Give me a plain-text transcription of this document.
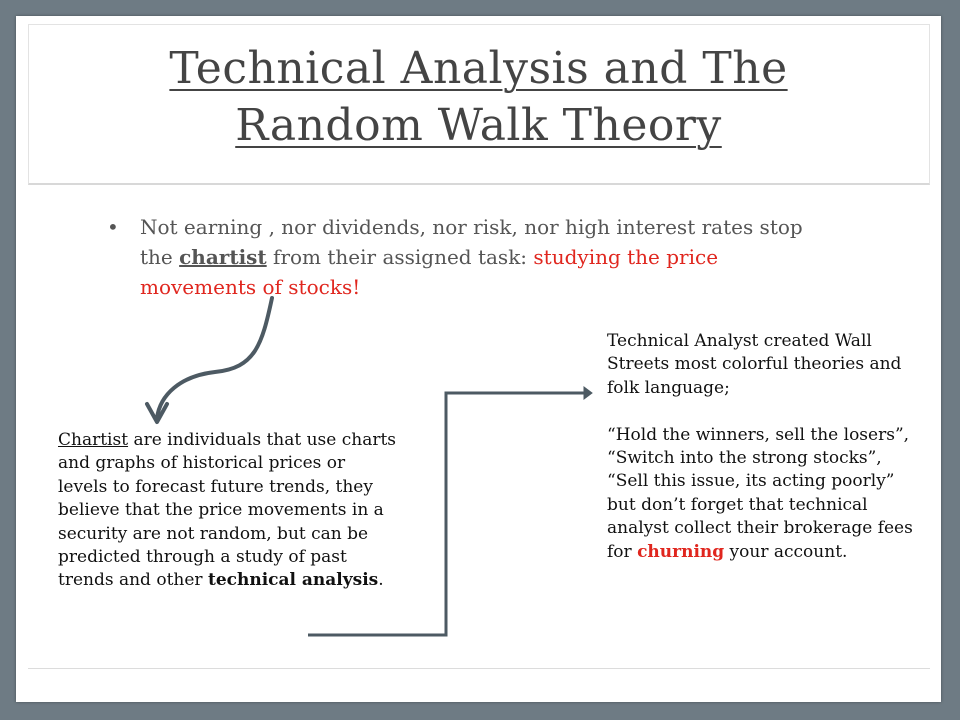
Technical Analysis and The
Random Walk Theory
• Not earning , nor dividends, nor risk, nor high interest rates stop the chartist from their assigned task: studying the price movements of stocks!
Chartist are individuals that use charts and graphs of historical prices or levels to forecast future trends, they believe that the price movements in a security are not random, but can be predicted through a study of past trends and other technical analysis.
Technical Analyst created Wall Streets most colorful theories and folk language;
“Hold the winners, sell the losers”, “Switch into the strong stocks”, “Sell this issue, its acting poorly” but don’t forget that technical analyst collect their brokerage fees for churning your account.
